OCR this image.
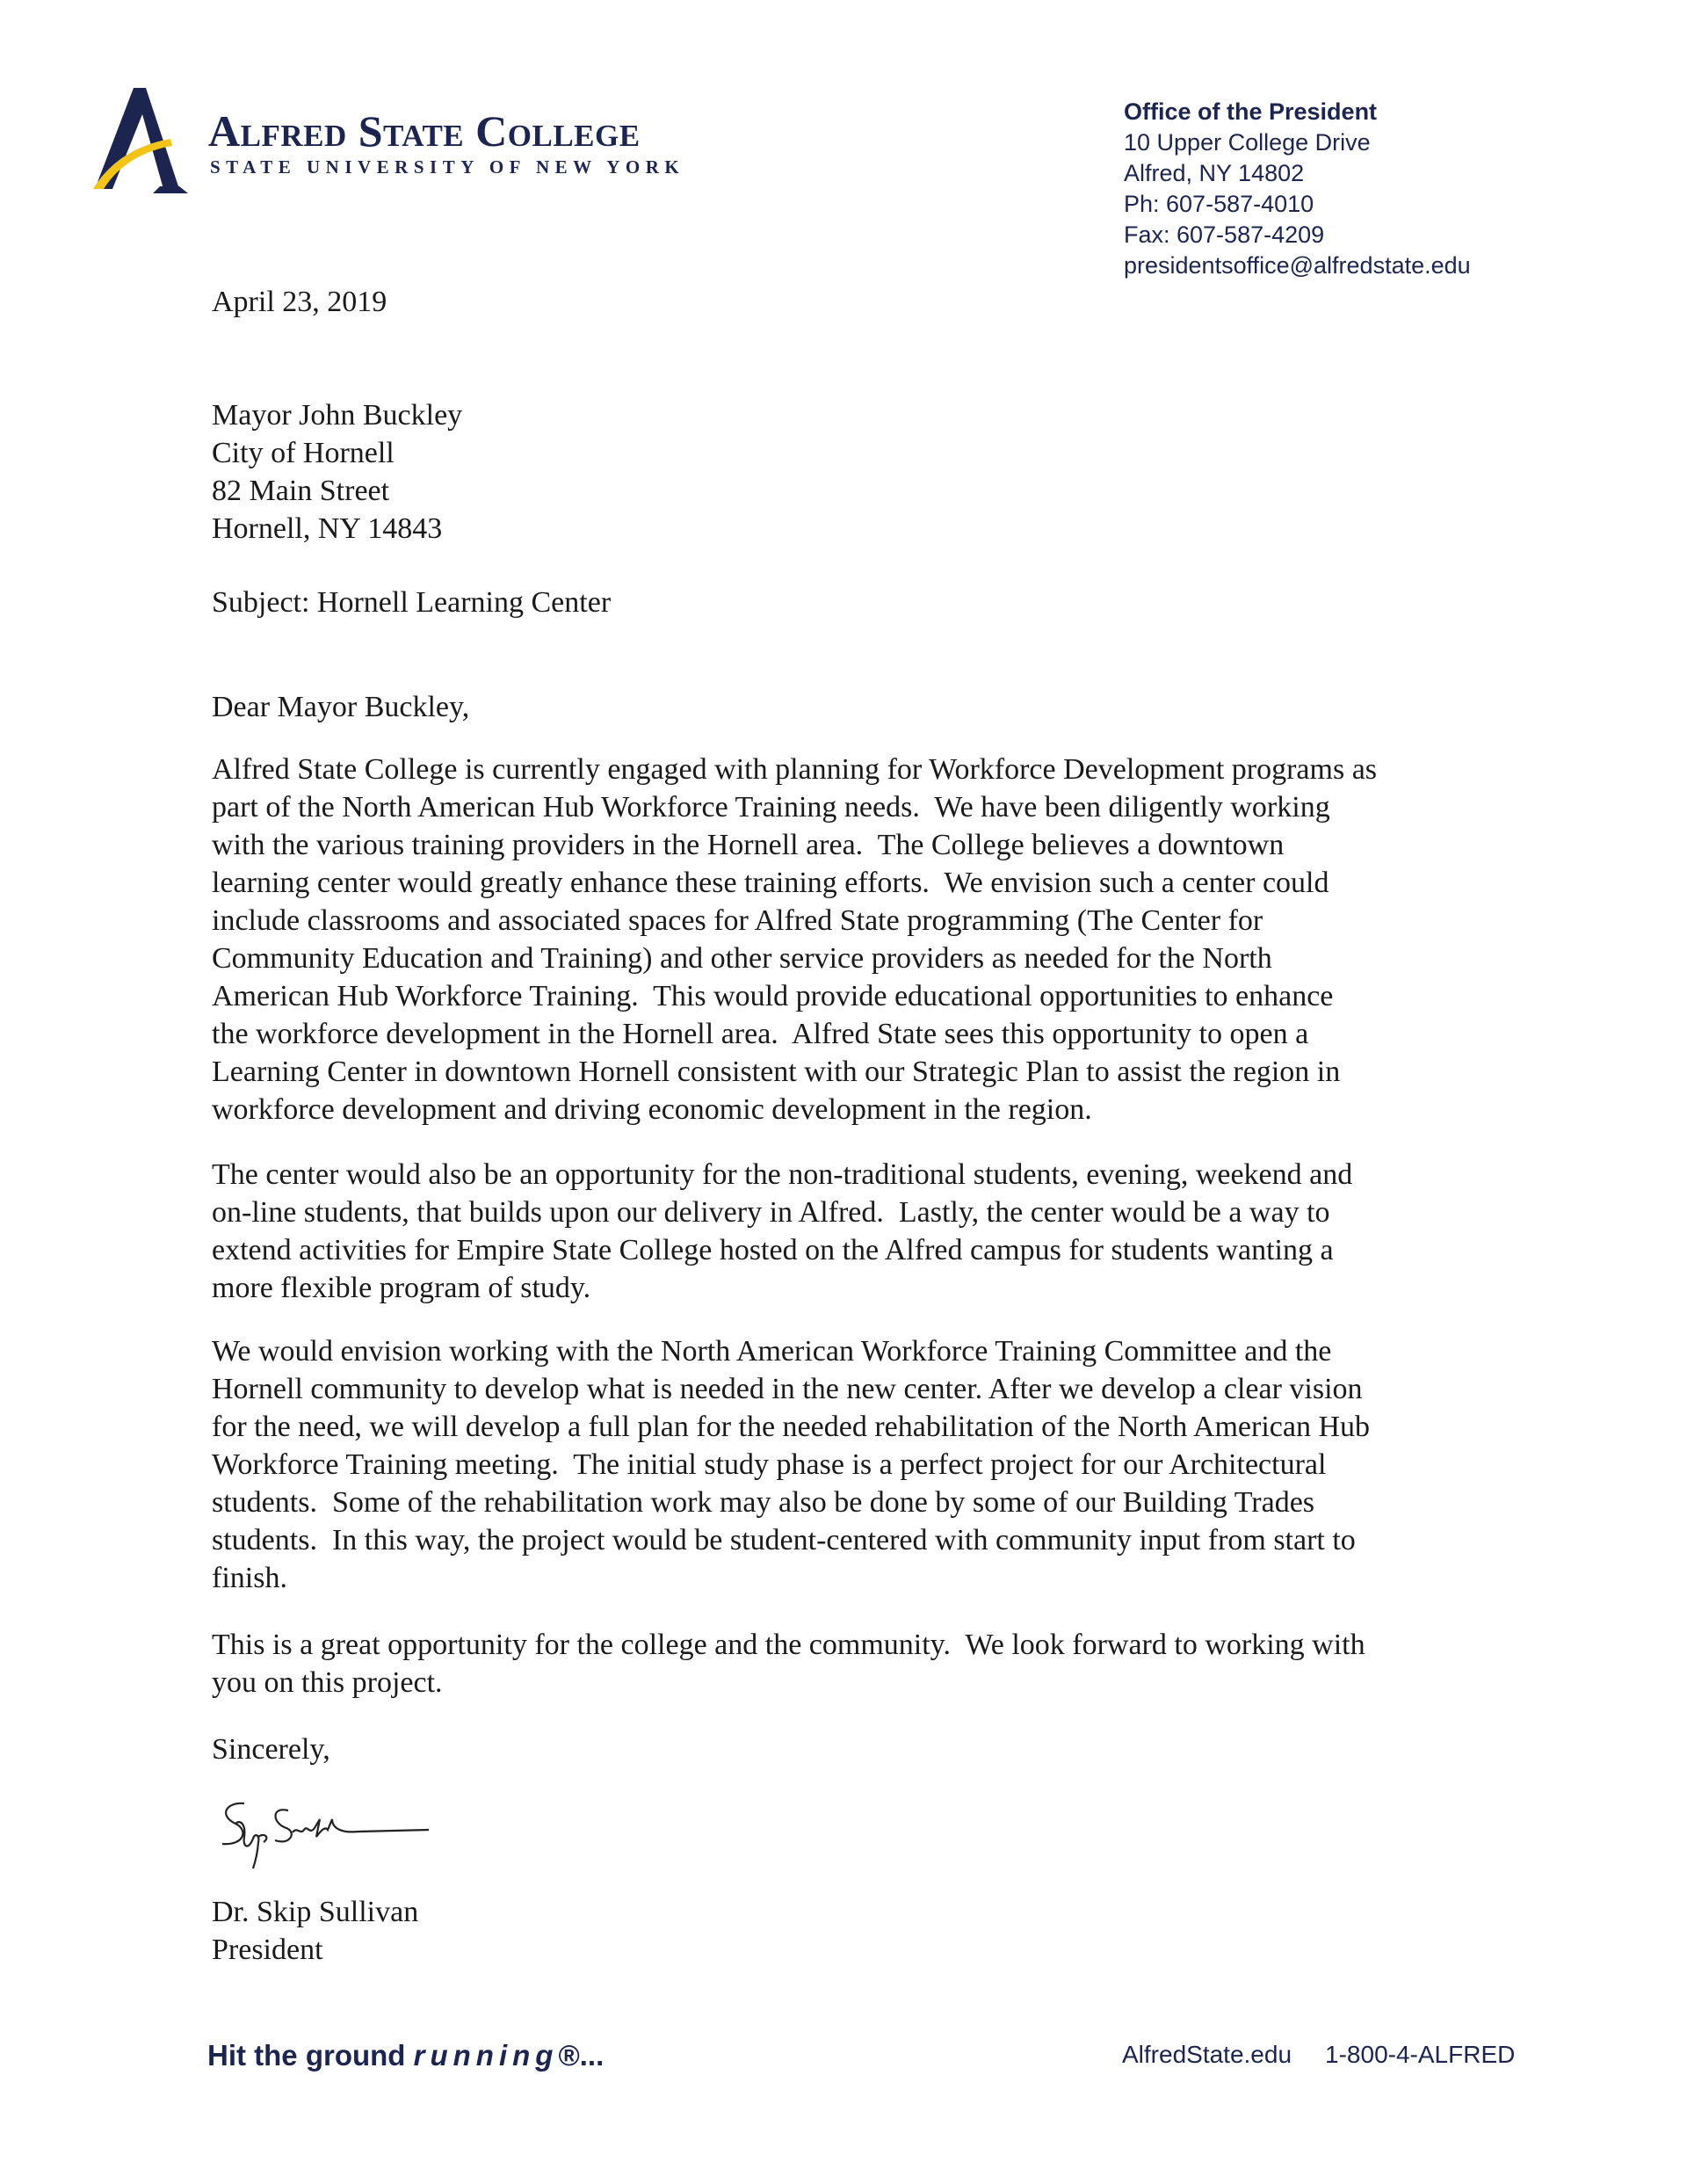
Alfred State College
STATE UNIVERSITY OF NEW YORK
Office of the President
10 Upper College Drive
Alfred, NY 14802
Ph: 607-587-4010
Fax: 607-587-4209
presidentsoffice@alfredstate.edu
April 23, 2019
Mayor John Buckley
City of Hornell
82 Main Street
Hornell, NY 14843
Subject: Hornell Learning Center
Dear Mayor Buckley,
Alfred State College is currently engaged with planning for Workforce Development programs as
part of the North American Hub Workforce Training needs.  We have been diligently working
with the various training providers in the Hornell area.  The College believes a downtown
learning center would greatly enhance these training efforts.  We envision such a center could
include classrooms and associated spaces for Alfred State programming (The Center for
Community Education and Training) and other service providers as needed for the North
American Hub Workforce Training.  This would provide educational opportunities to enhance
the workforce development in the Hornell area.  Alfred State sees this opportunity to open a
Learning Center in downtown Hornell consistent with our Strategic Plan to assist the region in
workforce development and driving economic development in the region.
The center would also be an opportunity for the non-traditional students, evening, weekend and
on-line students, that builds upon our delivery in Alfred.  Lastly, the center would be a way to
extend activities for Empire State College hosted on the Alfred campus for students wanting a
more flexible program of study.
We would envision working with the North American Workforce Training Committee and the
Hornell community to develop what is needed in the new center. After we develop a clear vision
for the need, we will develop a full plan for the needed rehabilitation of the North American Hub
Workforce Training meeting.  The initial study phase is a perfect project for our Architectural
students.  Some of the rehabilitation work may also be done by some of our Building Trades
students.  In this way, the project would be student-centered with community input from start to
finish.
This is a great opportunity for the college and the community.  We look forward to working with
you on this project.
Sincerely,
Dr. Skip Sullivan
President
Hit the ground running®...	AlfredState.edu 1-800-4-ALFRED
